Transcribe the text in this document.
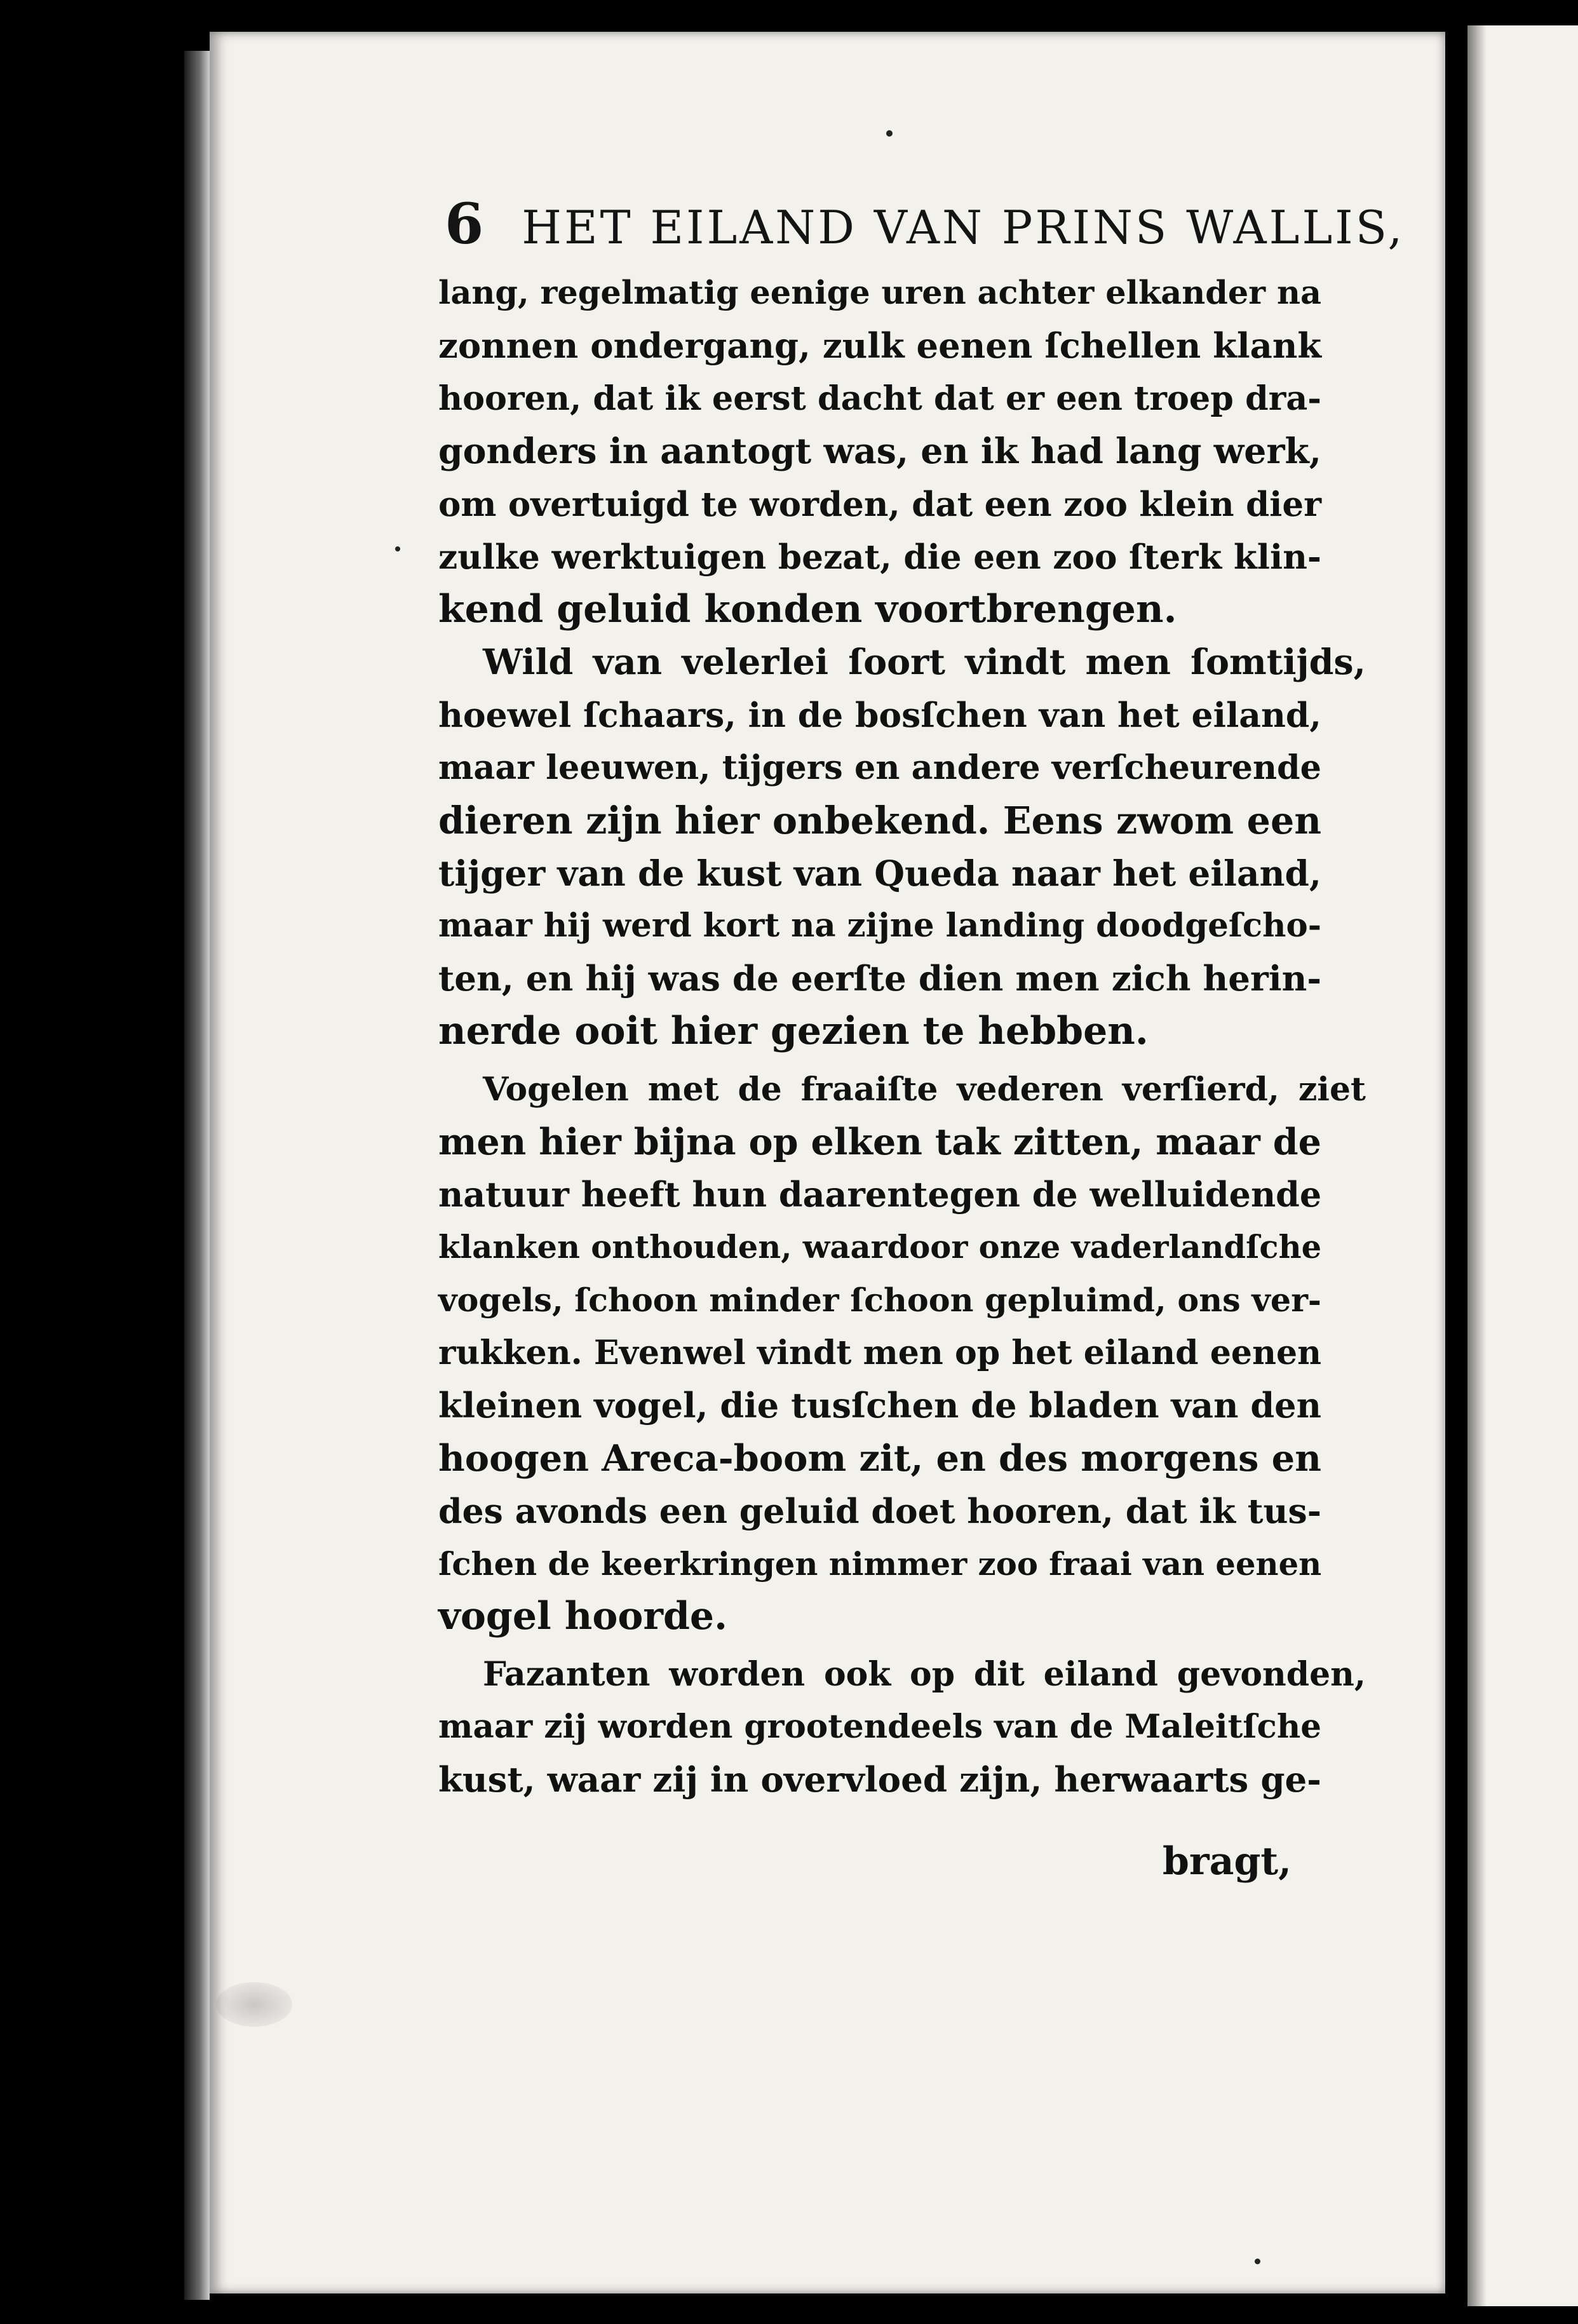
6 HET EILAND VAN PRINS WALLIS,
lang, regelmatig eenige uren achter elkander na
zonnen ondergang, zulk eenen ſchellen klank
hooren, dat ik eerst dacht dat er een troep dra-
gonders in aantogt was, en ik had lang werk,
om overtuigd te worden, dat een zoo klein dier
zulke werktuigen bezat, die een zoo ſterk klin-
kend geluid konden voortbrengen.
Wild van velerlei ſoort vindt men ſomtijds,
hoewel ſchaars, in de bosſchen van het eiland,
maar leeuwen, tijgers en andere verſcheurende
dieren zijn hier onbekend. Eens zwom een
tijger van de kust van Queda naar het eiland,
maar hij werd kort na zijne landing doodgeſcho-
ten, en hij was de eerſte dien men zich herin-
nerde ooit hier gezien te hebben.
Vogelen met de fraaiſte vederen verſierd, ziet
men hier bijna op elken tak zitten, maar de
natuur heeft hun daarentegen de welluidende
klanken onthouden, waardoor onze vaderlandſche
vogels, ſchoon minder ſchoon gepluimd, ons ver-
rukken. Evenwel vindt men op het eiland eenen
kleinen vogel, die tusſchen de bladen van den
hoogen Areca-boom zit, en des morgens en
des avonds een geluid doet hooren, dat ik tus-
ſchen de keerkringen nimmer zoo fraai van eenen
vogel hoorde.
Fazanten worden ook op dit eiland gevonden,
maar zij worden grootendeels van de Maleitſche
kust, waar zij in overvloed zijn, herwaarts ge-
bragt,
